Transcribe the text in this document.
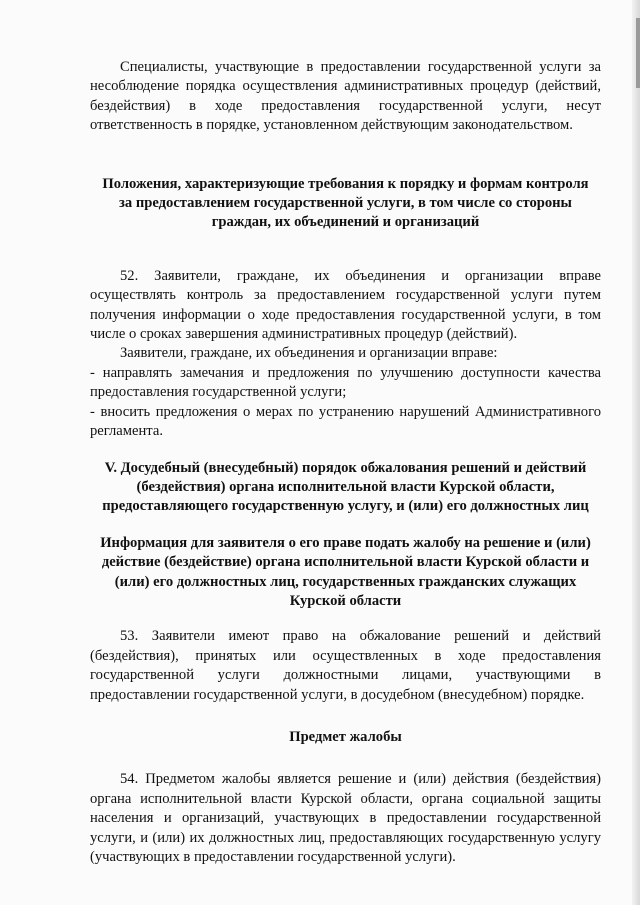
Специалисты, участвующие в предоставлении государственной услуги за несоблюдение порядка осуществления административных процедур (действий, бездействия) в ходе предоставления государственной услуги, несут ответственность в порядке, установленном действующим законодательством.

Положения, характеризующие требования к порядку и формам контроля за предоставлением государственной услуги, в том числе со стороны граждан, их объединений и организаций

52. Заявители, граждане, их объединения и организации вправе осуществлять контроль за предоставлением государственной услуги путем получения информации о ходе предоставления государственной услуги, в том числе о сроках завершения административных процедур (действий).

Заявители, граждане, их объединения и организации вправе:

- направлять замечания и предложения по улучшению доступности качества предоставления государственной услуги;

- вносить предложения о мерах по устранению нарушений Административного регламента.

V. Досудебный (внесудебный) порядок обжалования решений и действий (бездействия) органа исполнительной власти Курской области, предоставляющего государственную услугу, и (или) его должностных лиц
Информация для заявителя о его праве подать жалобу на решение и (или) действие (бездействие) органа исполнительной власти Курской области и (или) его должностных лиц, государственных гражданских служащих Курской области

53. Заявители имеют право на обжалование решений и действий (бездействия), принятых или осуществленных в ходе предоставления государственной услуги должностными лицами, участвующими в предоставлении государственной услуги, в досудебном (внесудебном) порядке.

Предмет жалобы

54. Предметом жалобы является решение и (или) действия (бездействия) органа исполнительной власти Курской области, органа социальной защиты населения и организаций, участвующих в предоставлении государственной услуги, и (или) их должностных лиц, предоставляющих государственную услугу (участвующих в предоставлении государственной услуги).
